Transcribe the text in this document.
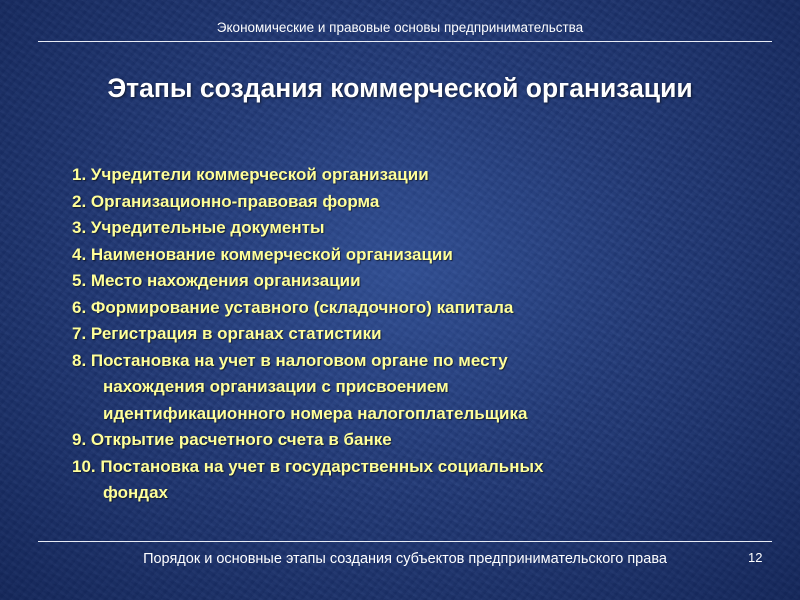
Экономические и правовые основы предпринимательства
Этапы создания коммерческой организации
1. Учредители коммерческой организации
2. Организационно-правовая форма
3. Учредительные документы
4. Наименование коммерческой организации
5. Место нахождения организации
6. Формирование уставного (складочного) капитала
7. Регистрация в органах статистики
8. Постановка на учет в налоговом органе по месту
нахождения организации с присвоением
идентификационного номера налогоплательщика
9. Открытие расчетного счета в банке
10. Постановка на учет в государственных социальных
фондах
Порядок и основные этапы создания субъектов предпринимательского права	12
